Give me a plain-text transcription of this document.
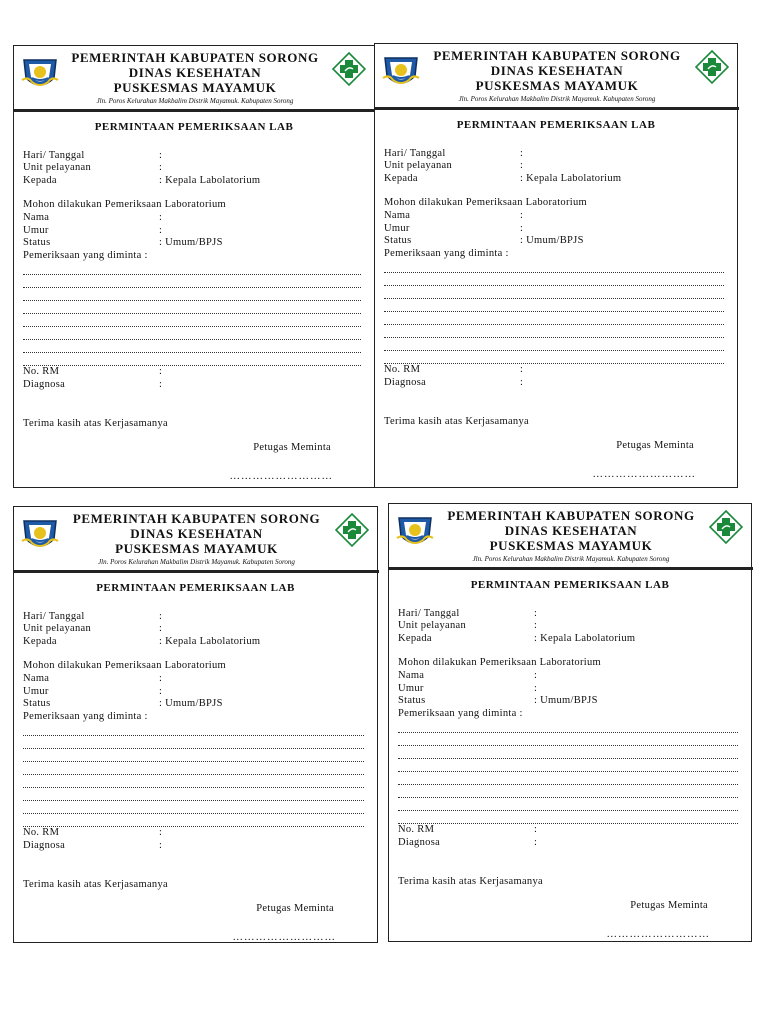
PEMERINTAH KABUPATEN SORONG
DINAS KESEHATAN
PUSKESMAS MAYAMUK
Jln. Poros Kelurahan Makbalim Distrik Mayamuk. Kabupaten Sorong
PERMINTAAN PEMERIKSAAN LAB
Hari/ Tanggal	:
Unit pelayanan	:
Kepada	: Kepala Labolatorium
Mohon dilakukan Pemeriksaan Laboratorium
Nama	:
Umur	:
Status	: Umum/BPJS
Pemeriksaan yang diminta :
No. RM	:
Diagnosa	:
Terima kasih atas Kerjasamanya
Petugas Meminta
………………………
PEMERINTAH KABUPATEN SORONG
DINAS KESEHATAN
PUSKESMAS MAYAMUK
Jln. Poros Kelurahan Makbalim Distrik Mayamuk. Kabupaten Sorong
PERMINTAAN PEMERIKSAAN LAB
Hari/ Tanggal	:
Unit pelayanan	:
Kepada	: Kepala Labolatorium
Mohon dilakukan Pemeriksaan Laboratorium
Nama	:
Umur	:
Status	: Umum/BPJS
Pemeriksaan yang diminta :
No. RM	:
Diagnosa	:
Terima kasih atas Kerjasamanya
Petugas Meminta
………………………
PEMERINTAH KABUPATEN SORONG
DINAS KESEHATAN
PUSKESMAS MAYAMUK
Jln. Poros Kelurahan Makbalim Distrik Mayamuk. Kabupaten Sorong
PERMINTAAN PEMERIKSAAN LAB
Hari/ Tanggal	:
Unit pelayanan	:
Kepada	: Kepala Labolatorium
Mohon dilakukan Pemeriksaan Laboratorium
Nama	:
Umur	:
Status	: Umum/BPJS
Pemeriksaan yang diminta :
No. RM	:
Diagnosa	:
Terima kasih atas Kerjasamanya
Petugas Meminta
………………………
PEMERINTAH KABUPATEN SORONG
DINAS KESEHATAN
PUSKESMAS MAYAMUK
Jln. Poros Kelurahan Makbalim Distrik Mayamuk. Kabupaten Sorong
PERMINTAAN PEMERIKSAAN LAB
Hari/ Tanggal	:
Unit pelayanan	:
Kepada	: Kepala Labolatorium
Mohon dilakukan Pemeriksaan Laboratorium
Nama	:
Umur	:
Status	: Umum/BPJS
Pemeriksaan yang diminta :
No. RM	:
Diagnosa	:
Terima kasih atas Kerjasamanya
Petugas Meminta
………………………
